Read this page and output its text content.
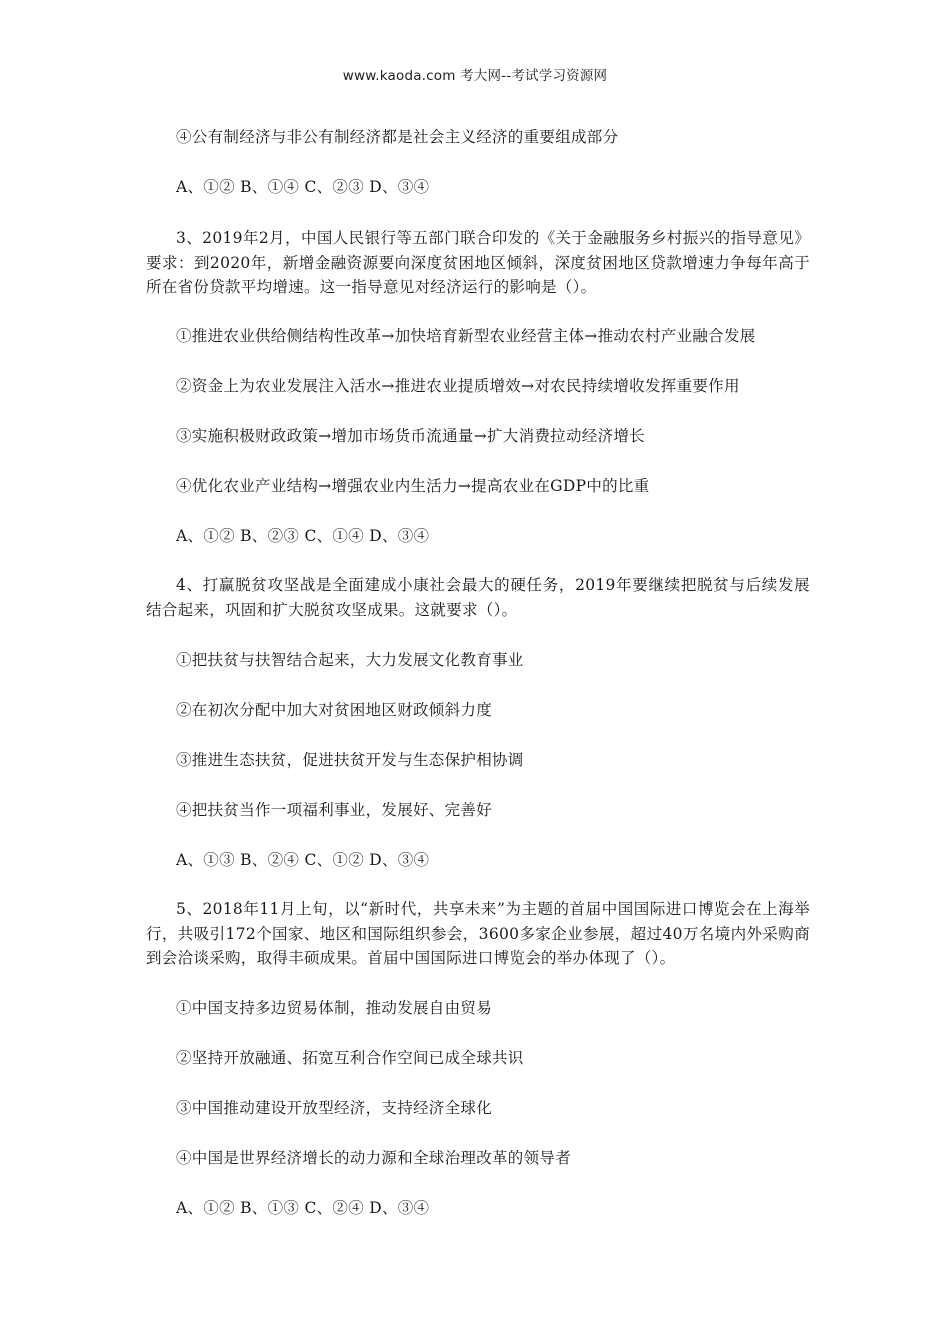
www.kaoda.com 考大网--考试学习资源网
④公有制经济与非公有制经济都是社会主义经济的重要组成部分
A、①② B、①④ C、②③ D、③④
3、2019年2月，中国人民银行等五部门联合印发的《关于金融服务乡村振兴的指导意见》要求：到2020年，新增金融资源要向深度贫困地区倾斜，深度贫困地区贷款增速力争每年高于所在省份贷款平均增速。这一指导意见对经济运行的影响是（）。
①推进农业供给侧结构性改革→加快培育新型农业经营主体→推动农村产业融合发展
②资金上为农业发展注入活水→推进农业提质增效→对农民持续增收发挥重要作用
③实施积极财政政策→增加市场货币流通量→扩大消费拉动经济增长
④优化农业产业结构→增强农业内生活力→提高农业在GDP中的比重
A、①② B、②③ C、①④ D、③④
4、打赢脱贫攻坚战是全面建成小康社会最大的硬任务，2019年要继续把脱贫与后续发展结合起来，巩固和扩大脱贫攻坚成果。这就要求（）。
①把扶贫与扶智结合起来，大力发展文化教育事业
②在初次分配中加大对贫困地区财政倾斜力度
③推进生态扶贫，促进扶贫开发与生态保护相协调
④把扶贫当作一项福利事业，发展好、完善好
A、①③ B、②④ C、①② D、③④
5、2018年11月上旬，以“新时代，共享未来”为主题的首届中国国际进口博览会在上海举行，共吸引172个国家、地区和国际组织参会，3600多家企业参展，超过40万名境内外采购商到会洽谈采购，取得丰硕成果。首届中国国际进口博览会的举办体现了（）。
①中国支持多边贸易体制，推动发展自由贸易
②坚持开放融通、拓宽互利合作空间已成全球共识
③中国推动建设开放型经济，支持经济全球化
④中国是世界经济增长的动力源和全球治理改革的领导者
A、①② B、①③ C、②④ D、③④
